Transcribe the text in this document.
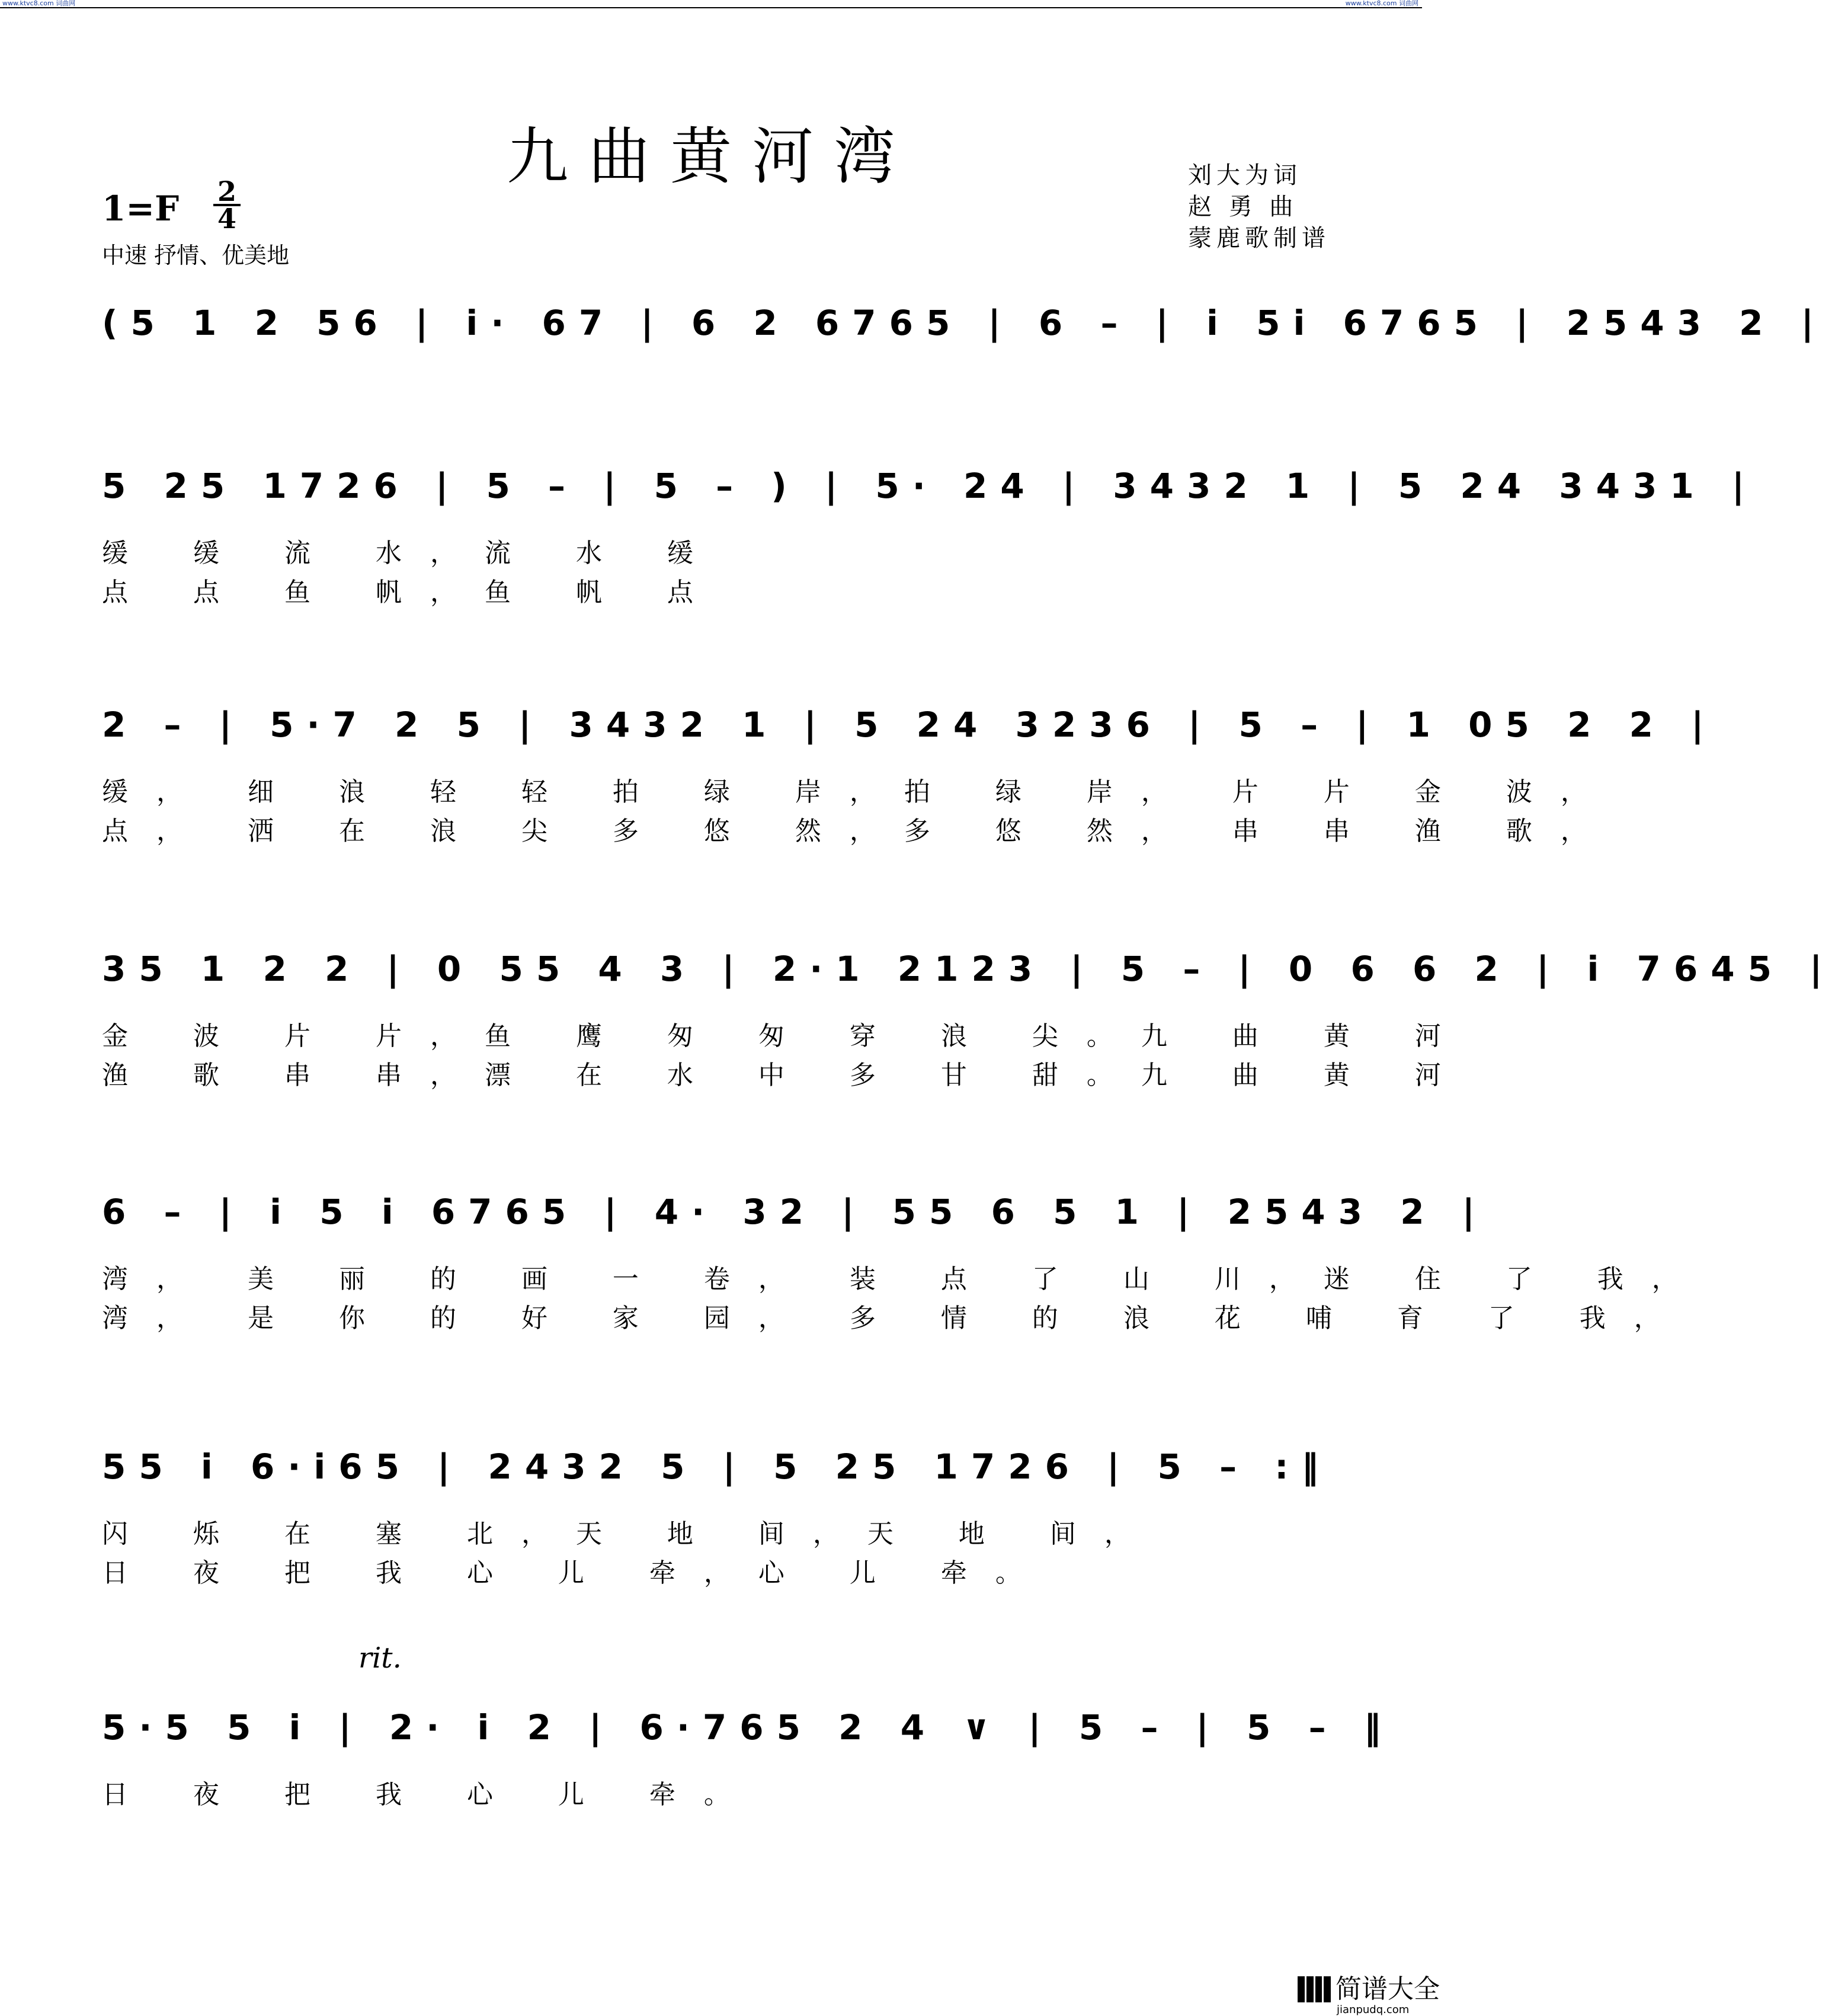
www.ktvc8.com 词曲网	www.ktvc8.com 词曲网
九曲黄河湾	刘大为词
赵 勇 曲
蒙鹿歌制谱
$1=F \frac{2}{4}$
中速 抒情、优美地
(5 1 2 56 | i· 67 | 6 2 6765 | 6 – | i 5i 6765 | 2543 2 |
5 25 1726 | 5 – | 5 – ) | 5· 24 | 3432 1 | 5 24 3431 |
缓 缓 流 水，流 水 缓
点 点 鱼 帆，鱼 帆 点
2 – | 5·7 2 5 | 3432 1 | 5 24 3236 | 5 – | 1 05 2 2 |
缓， 细 浪 轻 轻 拍 绿 岸，拍 绿 岸， 片 片 金 波，
点， 洒 在 浪 尖 多 悠 然，多 悠 然， 串 串 渔 歌，
35 1 2 2 | 0 55 4 3 | 2·1 2123 | 5 – | 0 6 6 2 | i 7645 |
金 波 片 片，鱼 鹰 匆 匆 穿 浪 尖。九 曲 黄 河
渔 歌 串 串，漂 在 水 中 多 甘 甜。九 曲 黄 河
6 – | i 5 i 6765 | 4· 32 | 55 6 5 1 | 2543 2 |
湾， 美 丽 的 画 一 卷， 装 点 了 山 川，迷 住 了 我，
湾， 是 你 的 好 家 园， 多 情 的 浪 花 哺 育 了 我，
55 i 6·i65 | 2432 5 | 5 25 1726 | 5 – :‖
闪 烁 在 塞 北，天 地 间，天 地 间，
日 夜 把 我 心 儿 牵，心 儿 牵。
rit.
5·5 5 i | 2· i 2 | 6·765 2 4 ∨ | 5 – | 5 – ‖
日 夜 把 我 心 儿 牵。
简谱大全
jianpudq.com
